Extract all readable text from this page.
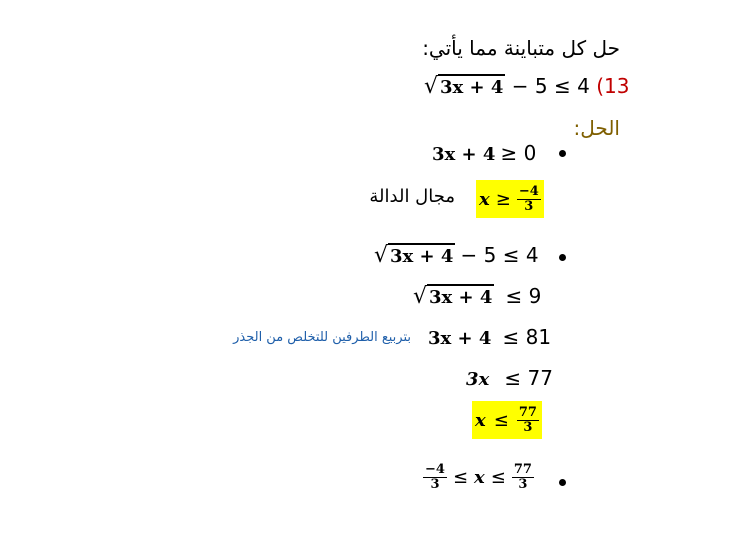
حل كل متباينة مما يأتي:
√ 3x + 4 − 5 ≤ 4 (13
الحل:
3x + 4 ≥ 0
$x \ge \frac{-4}{3}$
مجال الدالة
√ 3x + 4 − 5 ≤ 4
√ 3x + 4 ≤ 9
3x + 4 ≤ 81
بتربيع الطرفين للتخلص من الجذر
3x ≤ 77
$x \le \frac{77}{3}$
$\frac{-4}{3} \le x \le \frac{77}{3}$
